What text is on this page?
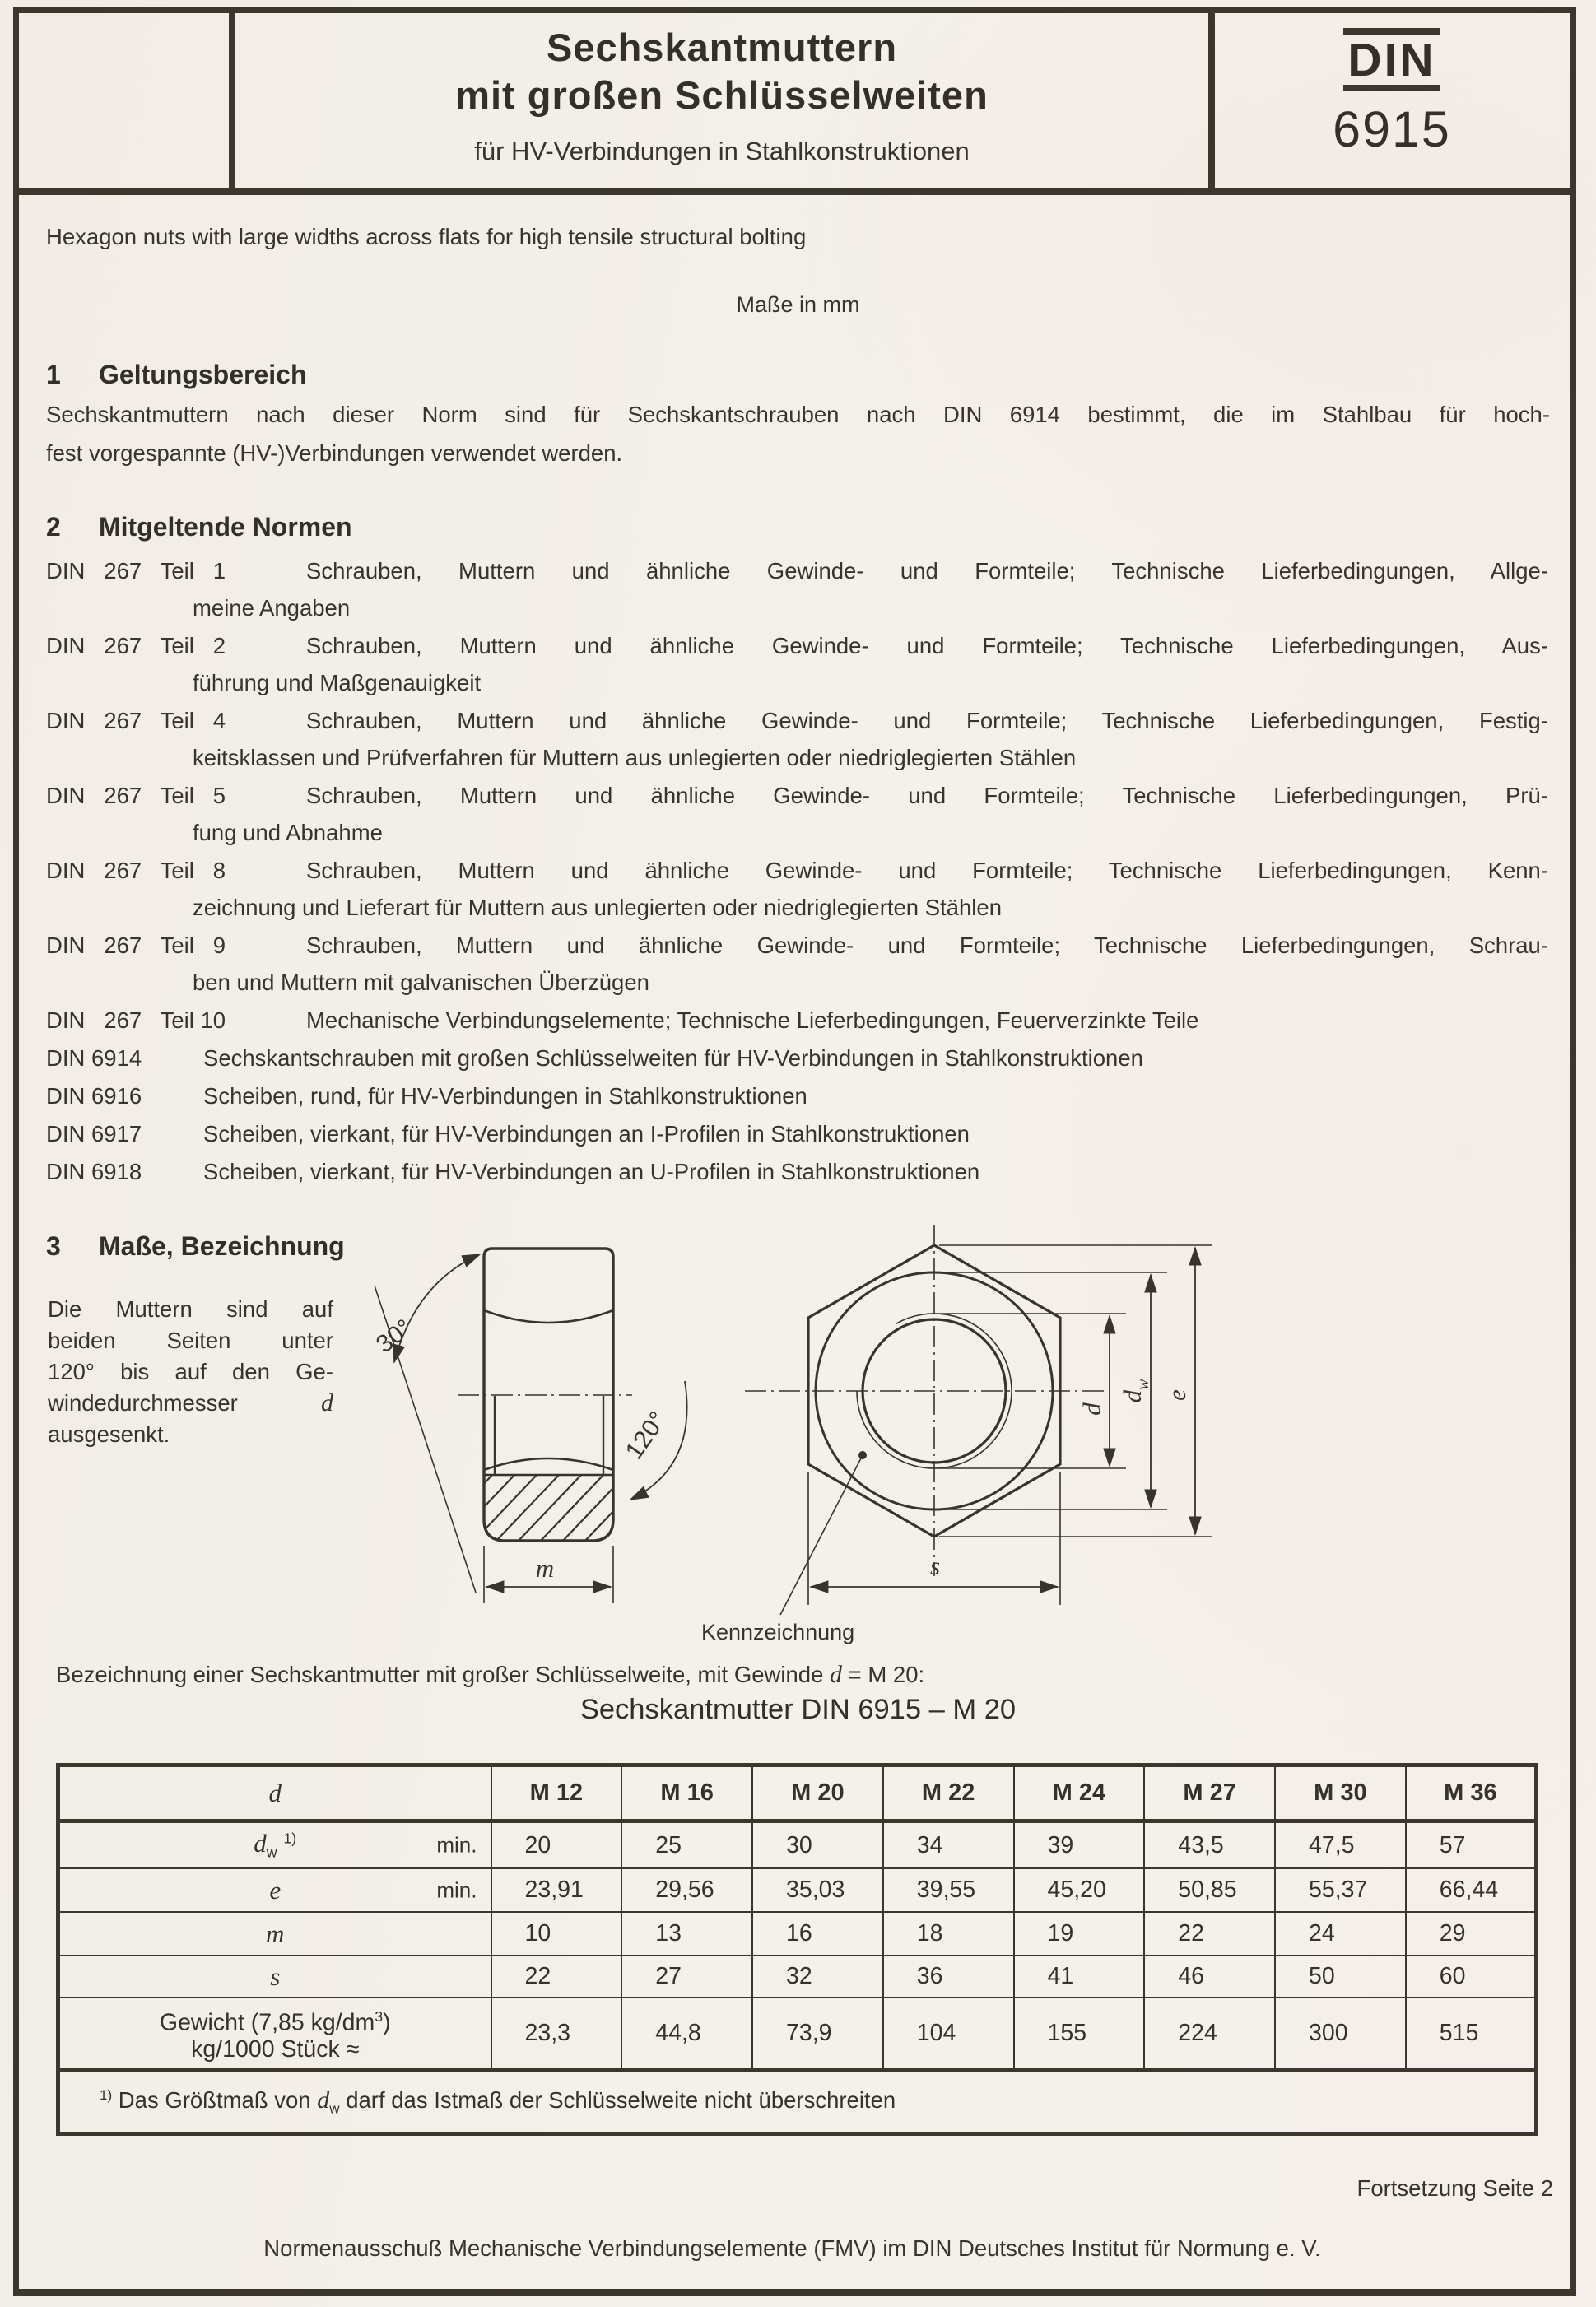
Sechskantmuttern
mit großen Schlüsselweiten
für HV-Verbindungen in Stahlkonstruktionen
DIN
6915
Hexagon nuts with large widths across flats for high tensile structural bolting
Maße in mm
1 Geltungsbereich
Sechskantmuttern nach dieser Norm sind für Sechskantschrauben nach DIN 6914 bestimmt, die im Stahlbau für hoch-
fest vorgespannte (HV-)Verbindungen verwendet werden.
2 Mitgeltende Normen
DIN   267   Teil   1	Schrauben, Muttern und ähnliche Gewinde- und Formteile; Technische Lieferbedingungen, Allge-
meine Angaben
DIN   267   Teil   2	Schrauben, Muttern und ähnliche Gewinde- und Formteile; Technische Lieferbedingungen, Aus-
führung und Maßgenauigkeit
DIN   267   Teil   4	Schrauben, Muttern und ähnliche Gewinde- und Formteile; Technische Lieferbedingungen, Festig-
keitsklassen und Prüfverfahren für Muttern aus unlegierten oder niedriglegierten Stählen
DIN   267   Teil   5	Schrauben, Muttern und ähnliche Gewinde- und Formteile; Technische Lieferbedingungen, Prü-
fung und Abnahme
DIN   267   Teil   8	Schrauben, Muttern und ähnliche Gewinde- und Formteile; Technische Lieferbedingungen, Kenn-
zeichnung und Lieferart für Muttern aus unlegierten oder niedriglegierten Stählen
DIN   267   Teil   9	Schrauben, Muttern und ähnliche Gewinde- und Formteile; Technische Lieferbedingungen, Schrau-
ben und Muttern mit galvanischen Überzügen
DIN   267   Teil 10	Mechanische Verbindungselemente; Technische Lieferbedingungen, Feuerverzinkte Teile
DIN 6914	Sechskantschrauben mit großen Schlüsselweiten für HV-Verbindungen in Stahlkonstruktionen
DIN 6916	Scheiben, rund, für HV-Verbindungen in Stahlkonstruktionen
DIN 6917	Scheiben, vierkant, für HV-Verbindungen an I-Profilen in Stahlkonstruktionen
DIN 6918	Scheiben, vierkant, für HV-Verbindungen an U-Profilen in Stahlkonstruktionen
3 Maße, Bezeichnung
Die Muttern sind auf
beiden Seiten unter
120° bis auf den Ge-
windedurchmesser	d
ausgesenkt.
30°
120°
m
d
$d_w$
e
s
Kennzeichnung
Bezeichnung einer Sechskantmutter mit großer Schlüsselweite, mit Gewinde d = M 20:
Sechskantmutter DIN 6915 – M 20
d	M 12	M 16	M 20	M 22	M 24	M 27	M 30	M 36
$d_w$ $^{1)}$ min.	20	25	30	34	39	43,5	47,5	57
e min.	23,91	29,56	35,03	39,55	45,20	50,85	55,37	66,44
m	10	13	16	18	19	22	24	29
s	22	27	32	36	41	46	50	60

Gewicht (7,85 $kg/dm^3$)
kg/1000 Stück ≈	23,3	44,8	73,9	104	155	224	300	515
$^{1)}$ Das Größtmaß von $d_w$ darf das Istmaß der Schlüsselweite nicht überschreiten								
Fortsetzung Seite 2
Normenausschuß Mechanische Verbindungselemente (FMV) im DIN Deutsches Institut für Normung e. V.
